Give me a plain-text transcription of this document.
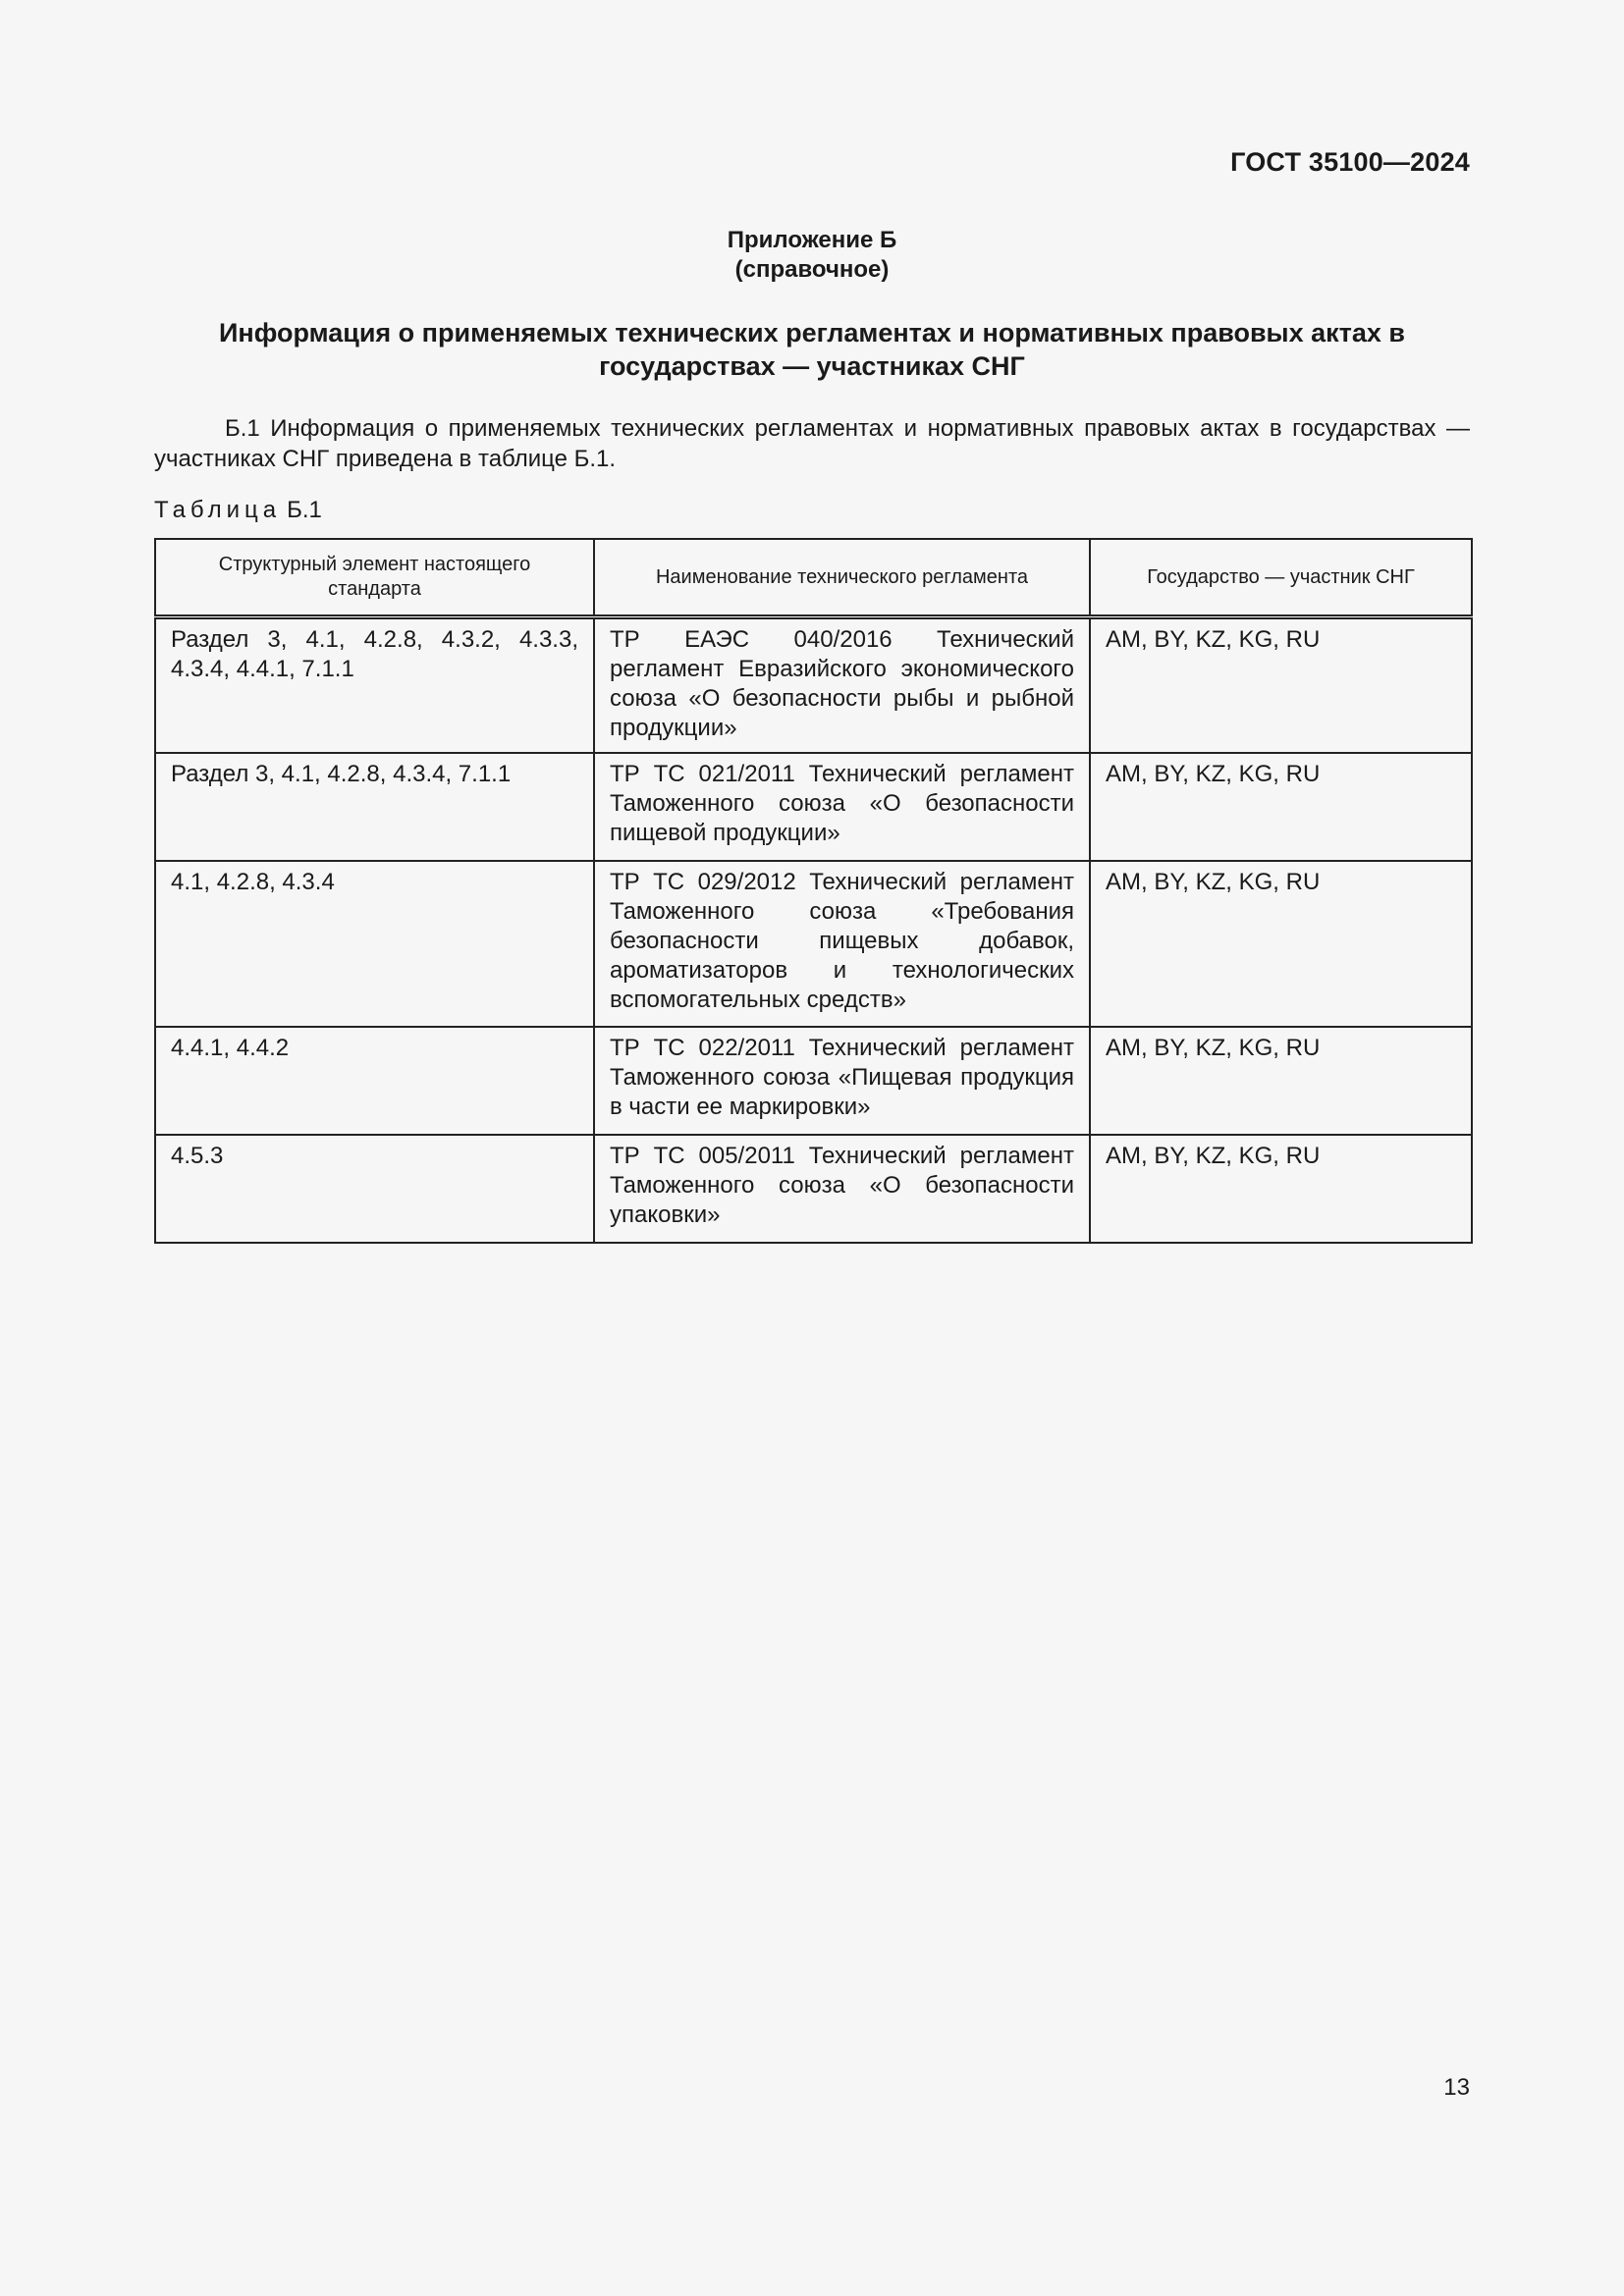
ГОСТ 35100—2024
Приложение Б
(справочное)
Информация о применяемых технических регламентах и нормативных правовых актах в государствах — участниках СНГ
Б.1 Информация о применяемых технических регламентах и нормативных правовых актах в государствах — участниках СНГ приведена в таблице Б.1.
Таблица Б.1
Структурный элемент настоящего стандарта	Наименование технического регламента	Государство — участник СНГ
Раздел 3, 4.1, 4.2.8, 4.3.2, 4.3.3, 4.3.4, 4.4.1, 7.1.1	ТР ЕАЭС 040/2016 Технический регламент Евразийского экономического союза «О безопасности рыбы и рыбной продукции»	AM, BY, KZ, KG, RU
Раздел 3, 4.1, 4.2.8, 4.3.4, 7.1.1	ТР ТС 021/2011 Технический регламент Таможенного союза «О безопасности пищевой продукции»	AM, BY, KZ, KG, RU
4.1, 4.2.8, 4.3.4	ТР ТС 029/2012 Технический регламент Таможенного союза «Требования безопасности пищевых добавок, ароматизаторов и технологических вспомогательных средств»	AM, BY, KZ, KG, RU
4.4.1, 4.4.2	ТР ТС 022/2011 Технический регламент Таможенного союза «Пищевая продукция в части ее маркировки»	AM, BY, KZ, KG, RU
4.5.3	ТР ТС 005/2011 Технический регламент Таможенного союза «О безопасности упаковки»	AM, BY, KZ, KG, RU
13
